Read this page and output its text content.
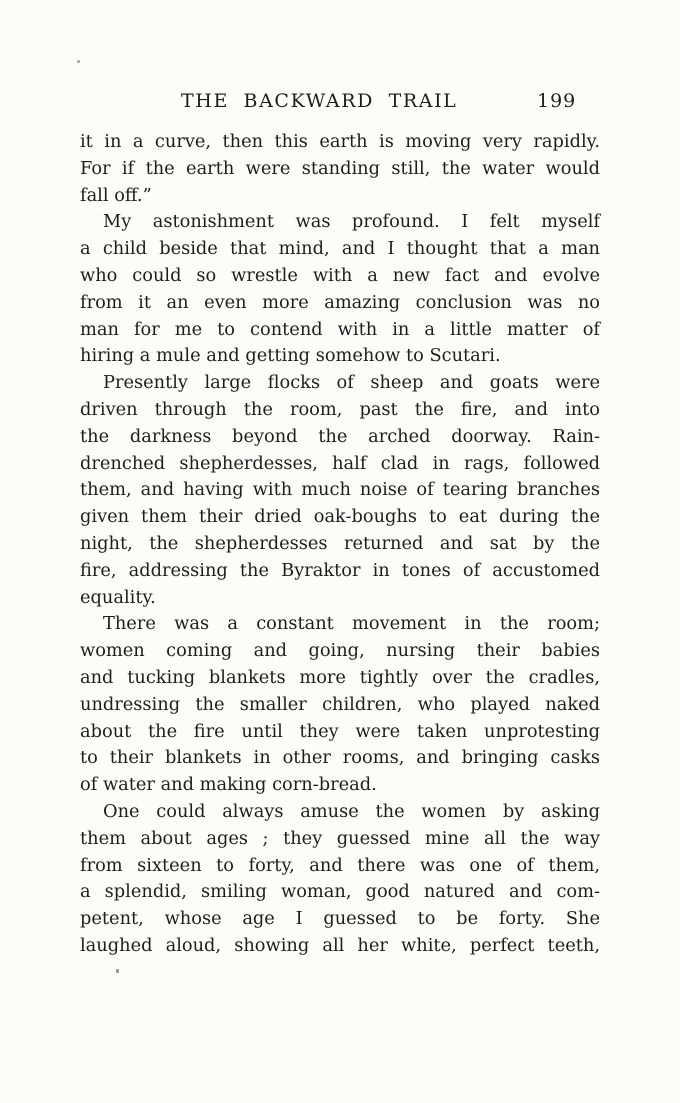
THE BACKWARD TRAIL	199
it in a curve, then this earth is moving very rapidly.
For if the earth were standing still, the water would
fall off.”
My astonishment was profound. I felt myself
a child beside that mind, and I thought that a man
who could so wrestle with a new fact and evolve
from it an even more amazing conclusion was no
man for me to contend with in a little matter of
hiring a mule and getting somehow to Scutari.
Presently large flocks of sheep and goats were
driven through the room, past the fire, and into
the darkness beyond the arched doorway. Rain-
drenched shepherdesses, half clad in rags, followed
them, and having with much noise of tearing branches
given them their dried oak-boughs to eat during the
night, the shepherdesses returned and sat by the
fire, addressing the Byraktor in tones of accustomed
equality.
There was a constant movement in the room;
women coming and going, nursing their babies
and tucking blankets more tightly over the cradles,
undressing the smaller children, who played naked
about the fire until they were taken unprotesting
to their blankets in other rooms, and bringing casks
of water and making corn-bread.
One could always amuse the women by asking
them about ages ; they guessed mine all the way
from sixteen to forty, and there was one of them,
a splendid, smiling woman, good natured and com-
petent, whose age I guessed to be forty. She
laughed aloud, showing all her white, perfect teeth,
